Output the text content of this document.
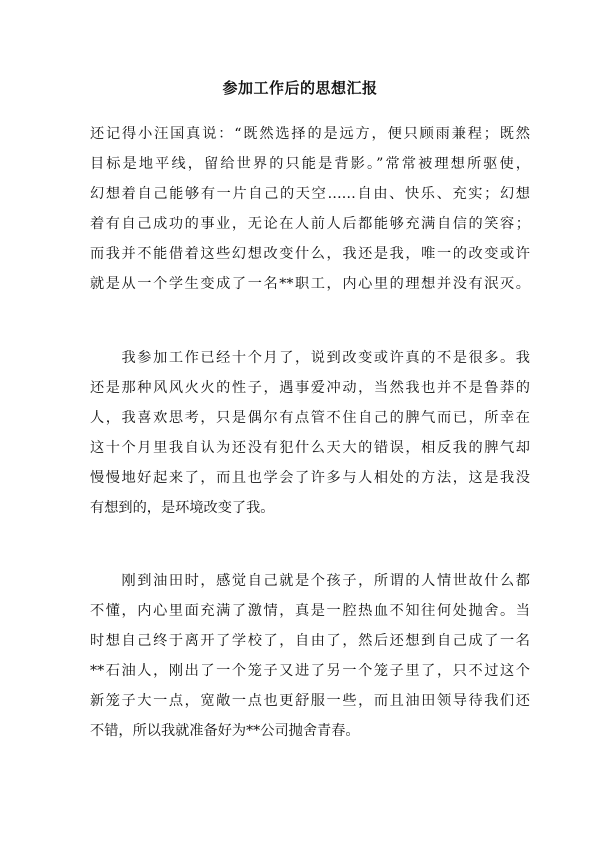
参加工作后的思想汇报
还记得小汪国真说：“既然选择的是远方，便只顾雨兼程；既然
目标是地平线，留给世界的只能是背影。”常常被理想所驱使，
幻想着自己能够有一片自己的天空……自由、快乐、充实；幻想
着有自己成功的事业，无论在人前人后都能够充满自信的笑容；
而我并不能借着这些幻想改变什么，我还是我，唯一的改变或许
就是从一个学生变成了一名**职工，内心里的理想并没有泯灭。
　　我参加工作已经十个月了，说到改变或许真的不是很多。我
还是那种风风火火的性子，遇事爱冲动，当然我也并不是鲁莽的
人，我喜欢思考，只是偶尔有点管不住自己的脾气而已，所幸在
这十个月里我自认为还没有犯什么天大的错误，相反我的脾气却
慢慢地好起来了，而且也学会了许多与人相处的方法，这是我没
有想到的，是环境改变了我。
　　刚到油田时，感觉自己就是个孩子，所谓的人情世故什么都
不懂，内心里面充满了激情，真是一腔热血不知往何处抛舍。当
时想自己终于离开了学校了，自由了，然后还想到自己成了一名
**石油人，刚出了一个笼子又进了另一个笼子里了，只不过这个
新笼子大一点，宽敞一点也更舒服一些，而且油田领导待我们还
不错，所以我就准备好为**公司抛舍青春。
